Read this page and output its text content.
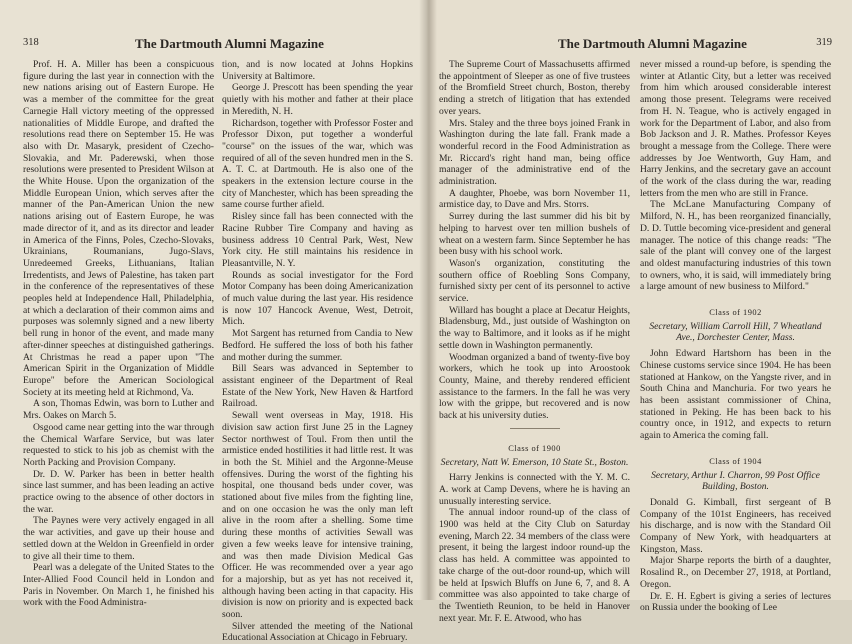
318	The Dartmouth Alumni Magazine

Prof. H. A. Miller has been a conspicuous figure during the last year in connection with the new nations arising out of Eastern Europe. He was a member of the committee for the great Carnegie Hall victory meeting of the oppressed nationalities of Middle Europe, and drafted the resolutions read there on September 15. He was also with Dr. Masaryk, president of Czecho-Slovakia, and Mr. Paderewski, when those resolutions were presented to President Wilson at the White House. Upon the organization of the Middle European Union, which serves after the manner of the Pan-American Union the new nations arising out of Eastern Europe, he was made director of it, and as its director and leader in America of the Finns, Poles, Czecho-Slovaks, Ukrainians, Roumanians, Jugo-Slavs, Unredeemed Greeks, Lithuanians, Italian Irredentists, and Jews of Palestine, has taken part in the conference of the representatives of these peoples held at Independence Hall, Philadelphia, at which a declaration of their common aims and purposes was solemnly signed and a new liberty bell rung in honor of the event, and made many after-dinner speeches at distinguished gatherings. At Christmas he read a paper upon "The American Spirit in the Organization of Middle Europe" before the American Sociological Society at its meeting held at Richmond, Va.

A son, Thomas Edwin, was born to Luther and Mrs. Oakes on March 5.

Osgood came near getting into the war through the Chemical Warfare Service, but was later requested to stick to his job as chemist with the North Packing and Provision Company.

Dr. D. W. Parker has been in better health since last summer, and has been leading an active practice owing to the absence of other doctors in the war.

The Paynes were very actively engaged in all the war activities, and gave up their house and settled down at the Weldon in Greenfield in order to give all their time to them.

Pearl was a delegate of the United States to the Inter-Allied Food Council held in London and Paris in November. On March 1, he finished his work with the Food Administra-

tion, and is now located at Johns Hopkins University at Baltimore.

George J. Prescott has been spending the year quietly with his mother and father at their place in Meredith, N. H.

Richardson, together with Professor Foster and Professor Dixon, put together a wonderful "course" on the issues of the war, which was required of all of the seven hundred men in the S. A. T. C. at Dartmouth. He is also one of the speakers in the extension lecture course in the city of Manchester, which has been spreading the same course further afield.

Risley since fall has been connected with the Racine Rubber Tire Company and having as business address 10 Central Park, West, New York city. He still maintains his residence in Pleasantville, N. Y.

Rounds as social investigator for the Ford Motor Company has been doing Americanization of much value during the last year. His residence is now 107 Hancock Avenue, West, Detroit, Mich.

Mot Sargent has returned from Candia to New Bedford. He suffered the loss of both his father and mother during the summer.

Bill Sears was advanced in September to assistant engineer of the Department of Real Estate of the New York, New Haven & Hartford Railroad.

Sewall went overseas in May, 1918. His division saw action first June 25 in the Lagney Sector northwest of Toul. From then until the armistice ended hostilities it had little rest. It was in both the St. Mihiel and the Argonne-Meuse offensives. During the worst of the fighting his hospital, one thousand beds under cover, was stationed about five miles from the fighting line, and on one occasion he was the only man left alive in the room after a shelling. Some time during these months of activities Sewall was given a few weeks leave for intensive training, and was then made Division Medical Gas Officer. He was recommended over a year ago for a majorship, but as yet has not received it, although having been acting in that capacity. His division is now on priority and is expected back soon.

Silver attended the meeting of the National Educational Association at Chicago in February.

The Dartmouth Alumni Magazine	319

The Supreme Court of Massachusetts affirmed the appointment of Sleeper as one of five trustees of the Bromfield Street church, Boston, thereby ending a stretch of litigation that has extended over years.

Mrs. Staley and the three boys joined Frank in Washington during the late fall. Frank made a wonderful record in the Food Administration as Mr. Riccard's right hand man, being office manager of the administrative end of the administration.

A daughter, Phoebe, was born November 11, armistice day, to Dave and Mrs. Storrs.

Surrey during the last summer did his bit by helping to harvest over ten million bushels of wheat on a western farm. Since September he has been busy with his school work.

Wason's organization, constituting the southern office of Roebling Sons Company, furnished sixty per cent of its personnel to active service.

Willard has bought a place at Decatur Heights, Bladensburg, Md., just outside of Washington on the way to Baltimore, and it looks as if he might settle down in Washington permanently.

Woodman organized a band of twenty-five boy workers, which he took up into Aroostook County, Maine, and thereby rendered efficient assistance to the farmers. In the fall he was very low with the grippe, but recovered and is now back at his university duties.

Class of 1900

Secretary, Natt W. Emerson, 10 State St., Boston.

Harry Jenkins is connected with the Y. M. C. A. work at Camp Devens, where he is having an unusually interesting service.

The annual indoor round-up of the class of 1900 was held at the City Club on Saturday evening, March 22. 34 members of the class were present, it being the largest indoor round-up the class has held. A committee was appointed to take charge of the out-door round-up, which will be held at Ipswich Bluffs on June 6, 7, and 8. A committee was also appointed to take charge of the Twentieth Reunion, to be held in Hanover next year. Mr. F. E. Atwood, who has

never missed a round-up before, is spending the winter at Atlantic City, but a letter was received from him which aroused considerable interest among those present. Telegrams were received from H. N. Teague, who is actively engaged in work for the Department of Labor, and also from Bob Jackson and J. R. Mathes. Professor Keyes brought a message from the College. There were addresses by Joe Wentworth, Guy Ham, and Harry Jenkins, and the secretary gave an account of the work of the class during the war, reading letters from the men who are still in France.

The McLane Manufacturing Company of Milford, N. H., has been reorganized financially, D. D. Tuttle becoming vice-president and general manager. The notice of this change reads: "The sale of the plant will convey one of the largest and oldest manufacturing industries of this town to owners, who, it is said, will immediately bring a large amount of new business to Milford."

Class of 1902

Secretary, William Carroll Hill, 7 Wheatland Ave., Dorchester Center, Mass.

John Edward Hartshorn has been in the Chinese customs service since 1904. He has been stationed at Hankow, on the Yangste river, and in South China and Manchuria. For two years he has been assistant commissioner of China, stationed in Peking. He has been back to his country once, in 1912, and expects to return again to America the coming fall.

Class of 1904

Secretary, Arthur I. Charron, 99 Post Office Building, Boston.

Donald G. Kimball, first sergeant of B Company of the 101st Engineers, has received his discharge, and is now with the Standard Oil Company of New York, with headquarters at Kingston, Mass.

Major Sharpe reports the birth of a daughter, Rosalind R., on December 27, 1918, at Portland, Oregon.

Dr. E. H. Egbert is giving a series of lectures on Russia under the booking of Lee
